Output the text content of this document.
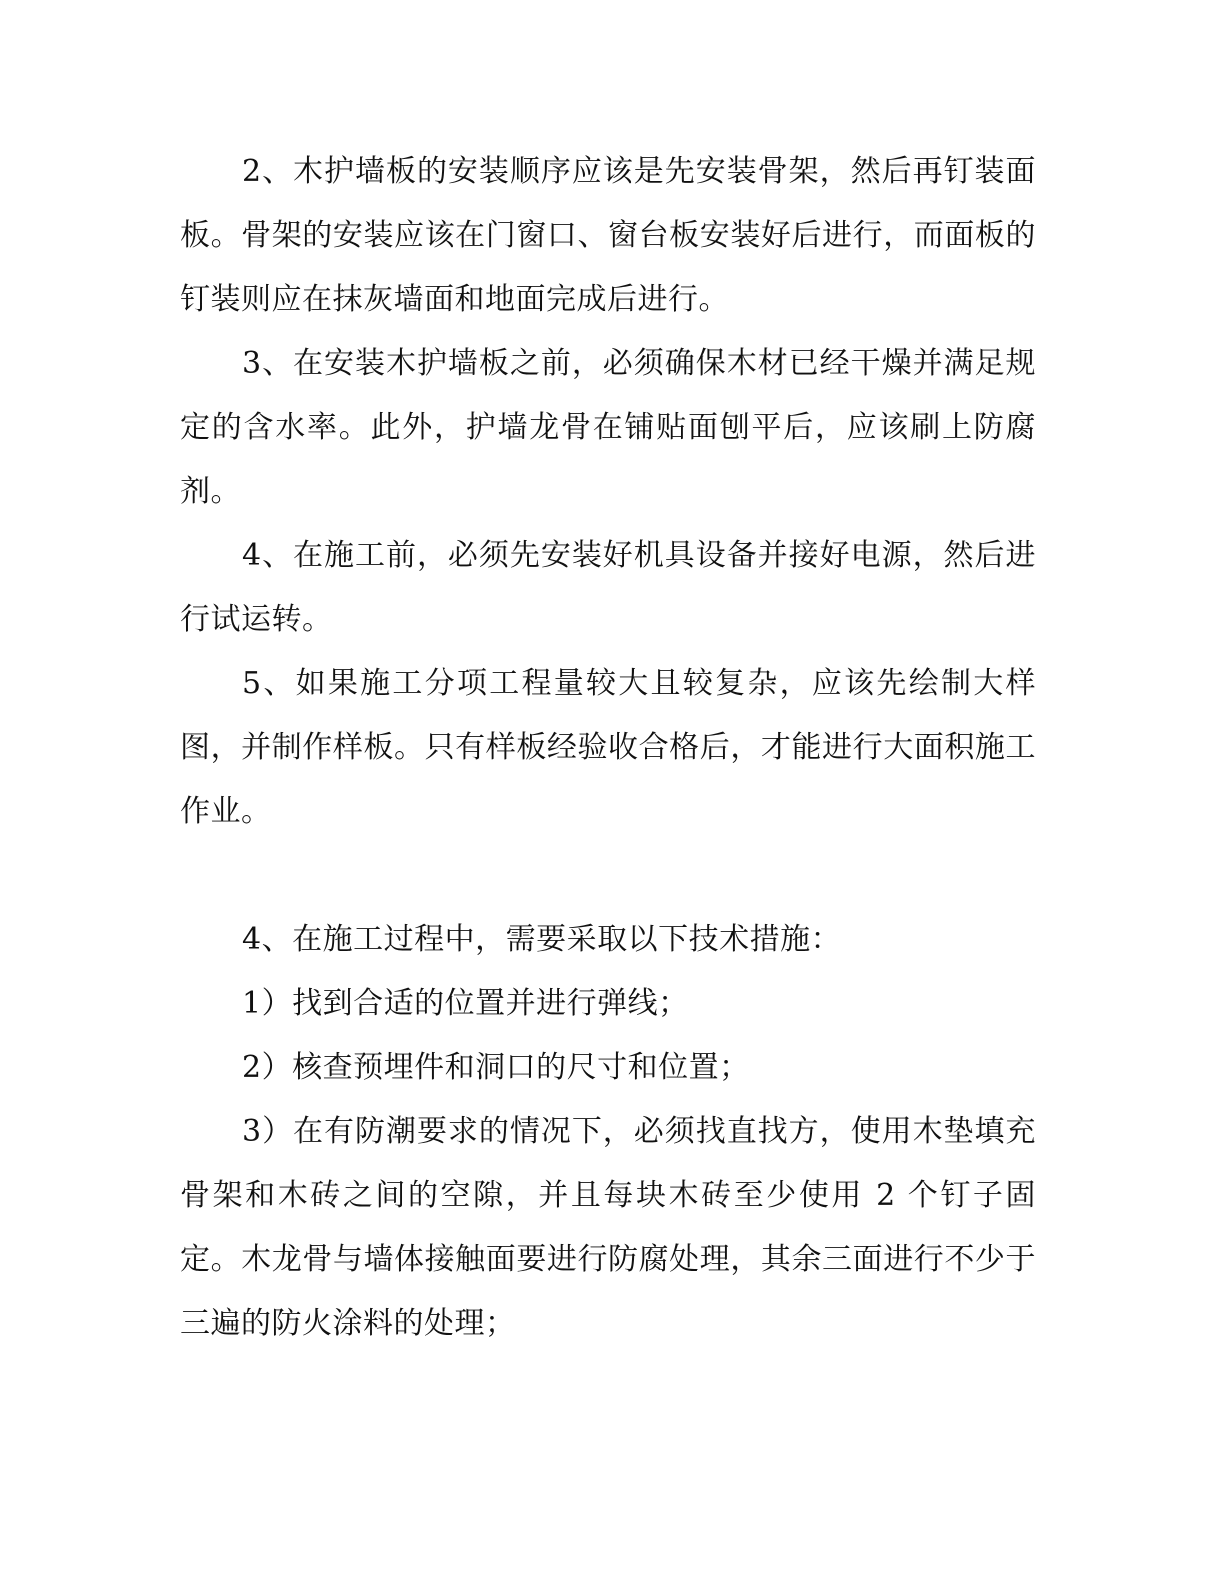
2、木护墙板的安装顺序应该是先安装骨架，然后再钉装面板。骨架的安装应该在门窗口、窗台板安装好后进行，而面板的钉装则应在抹灰墙面和地面完成后进行。

3、在安装木护墙板之前，必须确保木材已经干燥并满足规定的含水率。此外，护墙龙骨在铺贴面刨平后，应该刷上防腐剂。

4、在施工前，必须先安装好机具设备并接好电源，然后进行试运转。

5、如果施工分项工程量较大且较复杂，应该先绘制大样图，并制作样板。只有样板经验收合格后，才能进行大面积施工作业。

4、在施工过程中，需要采取以下技术措施：

1）找到合适的位置并进行弹线；

2）核查预埋件和洞口的尺寸和位置；

3）在有防潮要求的情况下，必须找直找方，使用木垫填充骨架和木砖之间的空隙，并且每块木砖至少使用 2 个钉子固定。木龙骨与墙体接触面要进行防腐处理，其余三面进行不少于三遍的防火涂料的处理；
